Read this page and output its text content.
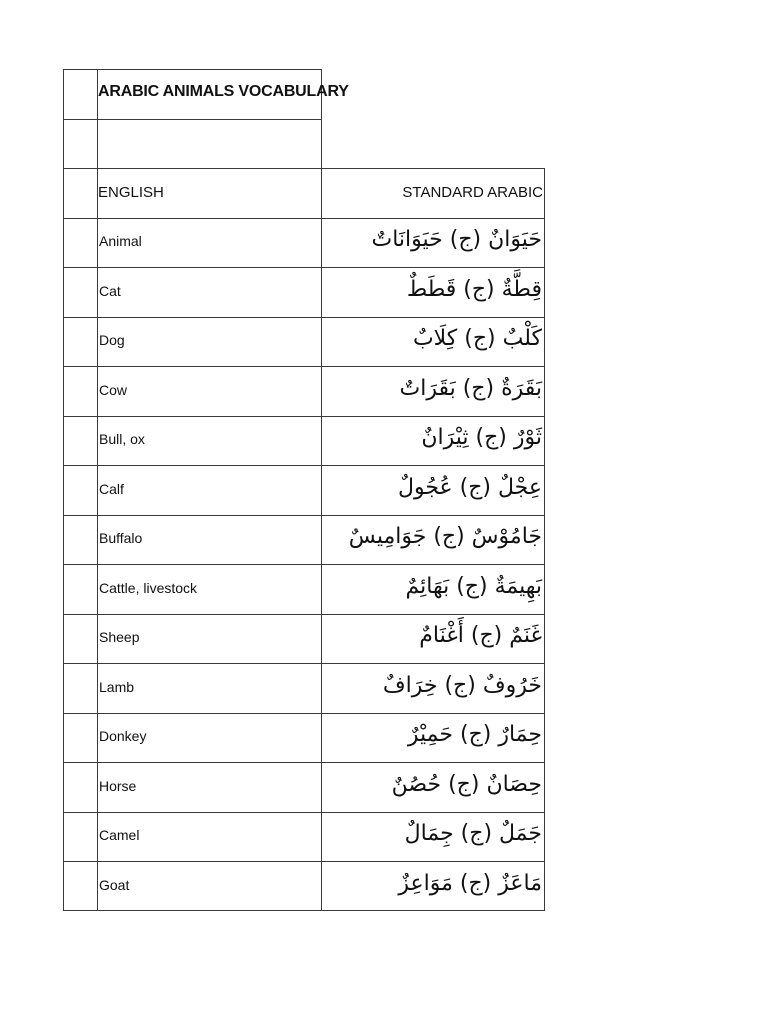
ARABIC ANIMALS VOCABULARY
ENGLISH	STANDARD ARABIC
Animal	حَيَوَانٌ (ج) حَيَوَانَاتٌ
Cat	قِطَّةٌ (ج) قَطَطٌ
Dog	كَلْبٌ (ج) كِلَابٌ
Cow	بَقَرَةٌ (ج) بَقَرَاتٌ
Bull, ox	ثَوْرٌ (ج) ثِيْرَانٌ
Calf	عِجْلٌ (ج) عُجُولٌ
Buffalo	جَامُوْسٌ (ج) جَوَامِيسٌ
Cattle, livestock	بَهِيمَةٌ (ج) بَهَائِمٌ
Sheep	غَنَمٌ (ج) أَغْنَامٌ
Lamb	خَرُوفٌ (ج) خِرَافٌ
Donkey	حِمَارٌ (ج) حَمِيْرٌ
Horse	حِصَانٌ (ج) حُصُنٌ
Camel	جَمَلٌ (ج) جِمَالٌ
Goat	مَاعَزٌ (ج) مَوَاعِزٌ
